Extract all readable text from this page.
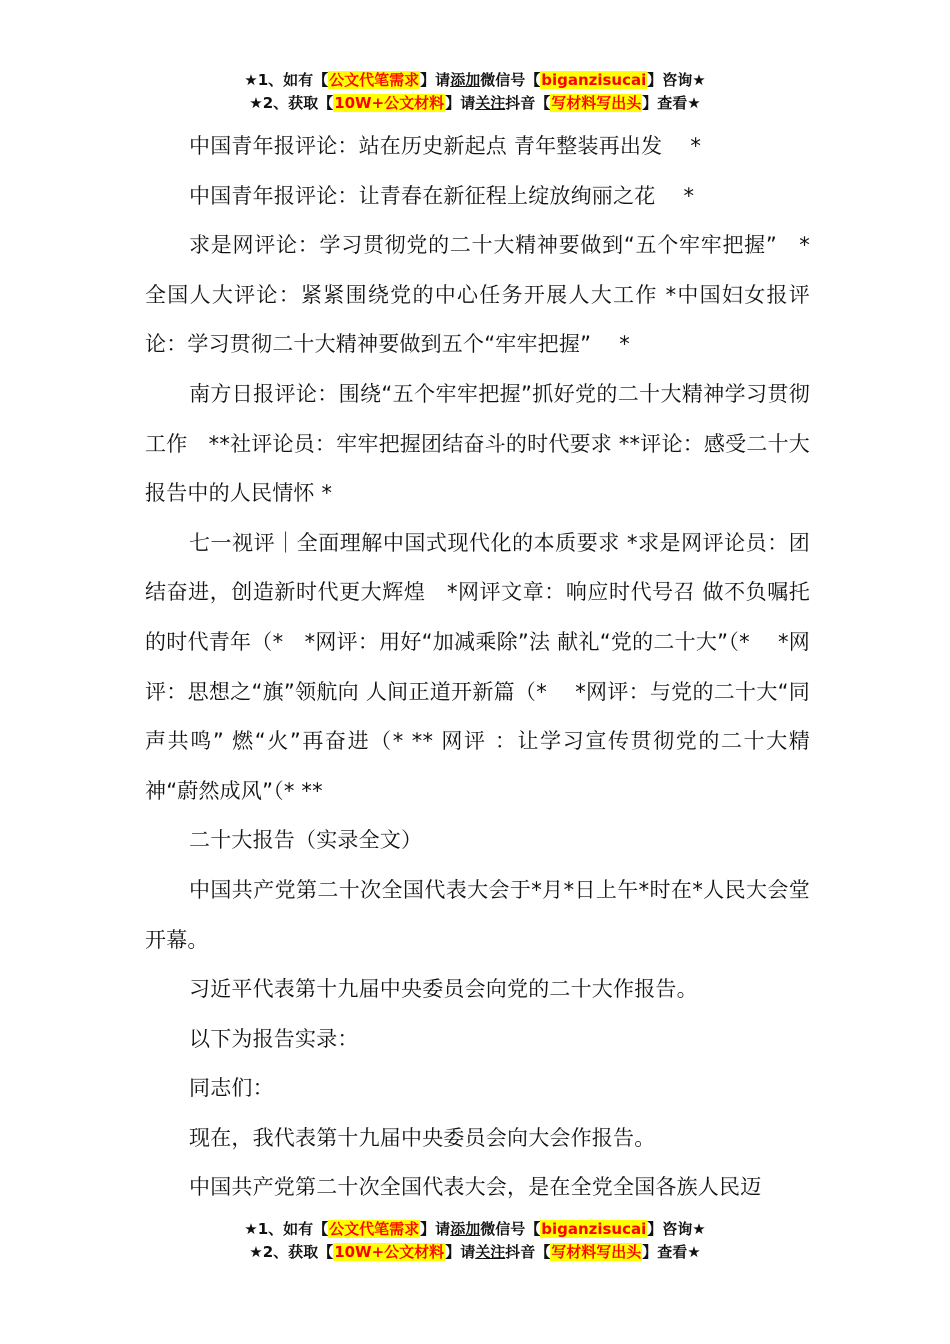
★1、如有【公文代笔需求】请添加微信号【biganzisucai】咨询★
★2、获取【10W+公文材料】请关注抖音【写材料写出头】查看★

中国青年报评论：站在历史新起点 青年整装再出发　 *

中国青年报评论：让青春在新征程上绽放绚丽之花　 *

求是网评论：学习贯彻党的二十大精神要做到“五个牢牢把握”　*全国人大评论：紧紧围绕党的中心任务开展人大工作 *中国妇女报评论：学习贯彻二十大精神要做到五个“牢牢把握”　 *

南方日报评论：围绕“五个牢牢把握”抓好党的二十大精神学习贯彻工作　**社评论员：牢牢把握团结奋斗的时代要求 **评论：感受二十大报告中的人民情怀 *

七一视评｜全面理解中国式现代化的本质要求 *求是网评论员：团结奋进，创造新时代更大辉煌　*网评文章：响应时代号召 做不负嘱托的时代青年（*　*网评：用好“加减乘除”法 献礼“党的二十大”（*　 *网评：思想之“旗”领航向 人间正道开新篇（*　 *网评：与党的二十大“同声共鸣” 燃“火”再奋进（* ** 网评 ：让学习宣传贯彻党的二十大精神“蔚然成风”（* **

二十大报告（实录全文）

中国共产党第二十次全国代表大会于*月*日上午*时在*人民大会堂开幕。

习近平代表第十九届中央委员会向党的二十大作报告。

以下为报告实录：

同志们：

现在，我代表第十九届中央委员会向大会作报告。

中国共产党第二十次全国代表大会，是在全党全国各族人民迈

★1、如有【公文代笔需求】请添加微信号【biganzisucai】咨询★
★2、获取【10W+公文材料】请关注抖音【写材料写出头】查看★
